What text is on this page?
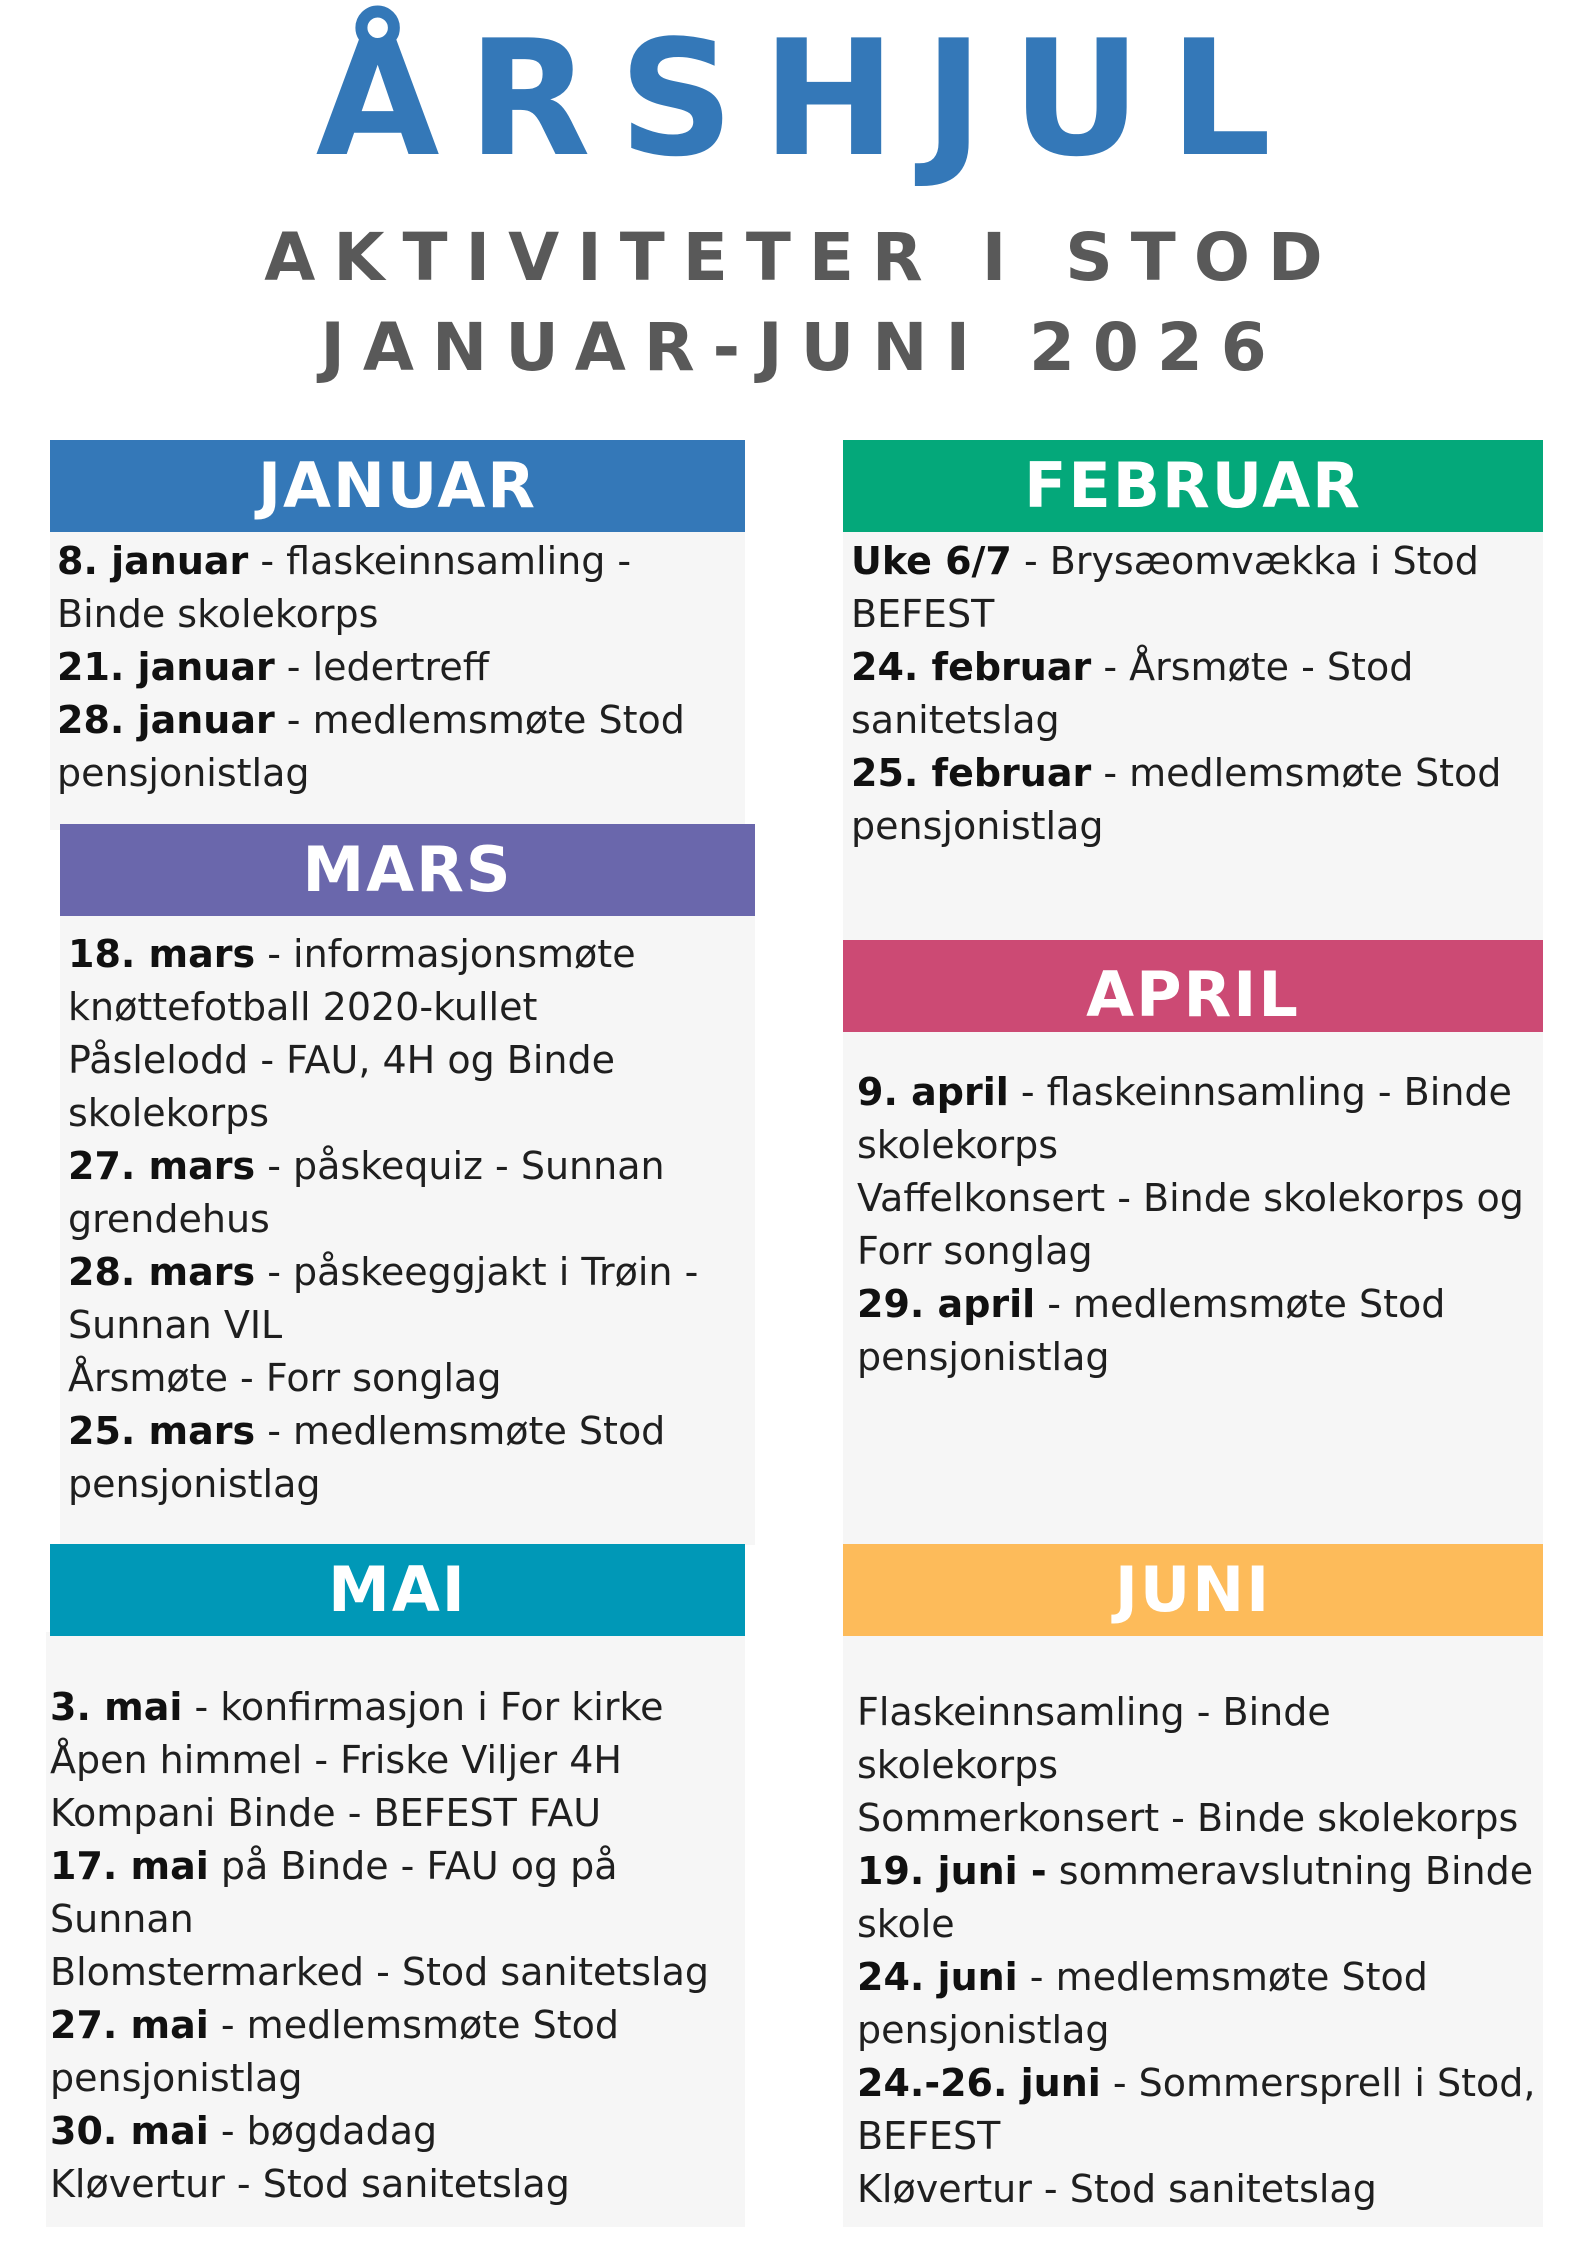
ÅRSHJUL
AKTIVITETER I STOD
JANUAR-JUNI 2026
JANUAR
8. januar - flaskeinnsamling - Binde skolekorps
21. januar - ledertreff
28. januar - medlemsmøte Stod pensjonistlag
FEBRUAR
Uke 6/7 - Brysæomvækka i Stod BEFEST
24. februar - Årsmøte - Stod sanitetslag
25. februar - medlemsmøte Stod pensjonistlag
MARS
18. mars - informasjonsmøte knøttefotball 2020-kullet
Påslelodd - FAU, 4H og Binde skolekorps
27. mars - påskequiz - Sunnan grendehus
28. mars - påskeeggjakt i Trøin - Sunnan VIL
Årsmøte - Forr songlag
25. mars - medlemsmøte Stod pensjonistlag
APRIL
9. april - flaskeinnsamling - Binde skolekorps
Vaffelkonsert - Binde skolekorps og Forr songlag
29. april - medlemsmøte Stod pensjonistlag
MAI
3. mai - konfirmasjon i For kirke
Åpen himmel - Friske Viljer 4H
Kompani Binde - BEFEST FAU
17. mai på Binde - FAU og på Sunnan
Blomstermarked - Stod sanitetslag
27. mai - medlemsmøte Stod pensjonistlag
30. mai - bøgdadag
Kløvertur - Stod sanitetslag
JUNI
Flaskeinnsamling - Binde skolekorps
Sommerkonsert - Binde skolekorps
19. juni - sommeravslutning Binde skole
24. juni - medlemsmøte Stod pensjonistlag
24.-26. juni - Sommersprell i Stod, BEFEST
Kløvertur - Stod sanitetslag
